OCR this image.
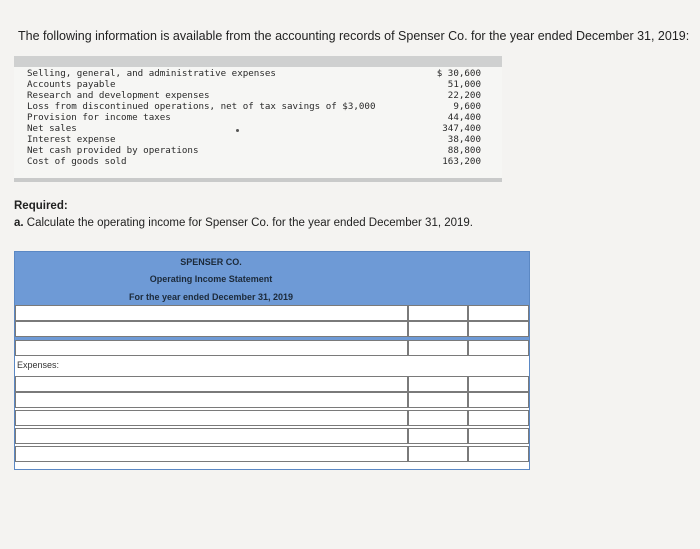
The following information is available from the accounting records of Spenser Co. for the year ended December 31, 2019:
Selling, general, and administrative expenses	$ 30,600
Accounts payable	51,000
Research and development expenses	22,200
Loss from discontinued operations, net of tax savings of $3,000	9,600
Provision for income taxes	44,400
Net sales	347,400
Interest expense	38,400
Net cash provided by operations	88,800
Cost of goods sold	163,200
Required:
a. Calculate the operating income for Spenser Co. for the year ended December 31, 2019.
SPENSER CO.
Operating Income Statement
For the year ended December 31, 2019
Expenses:
